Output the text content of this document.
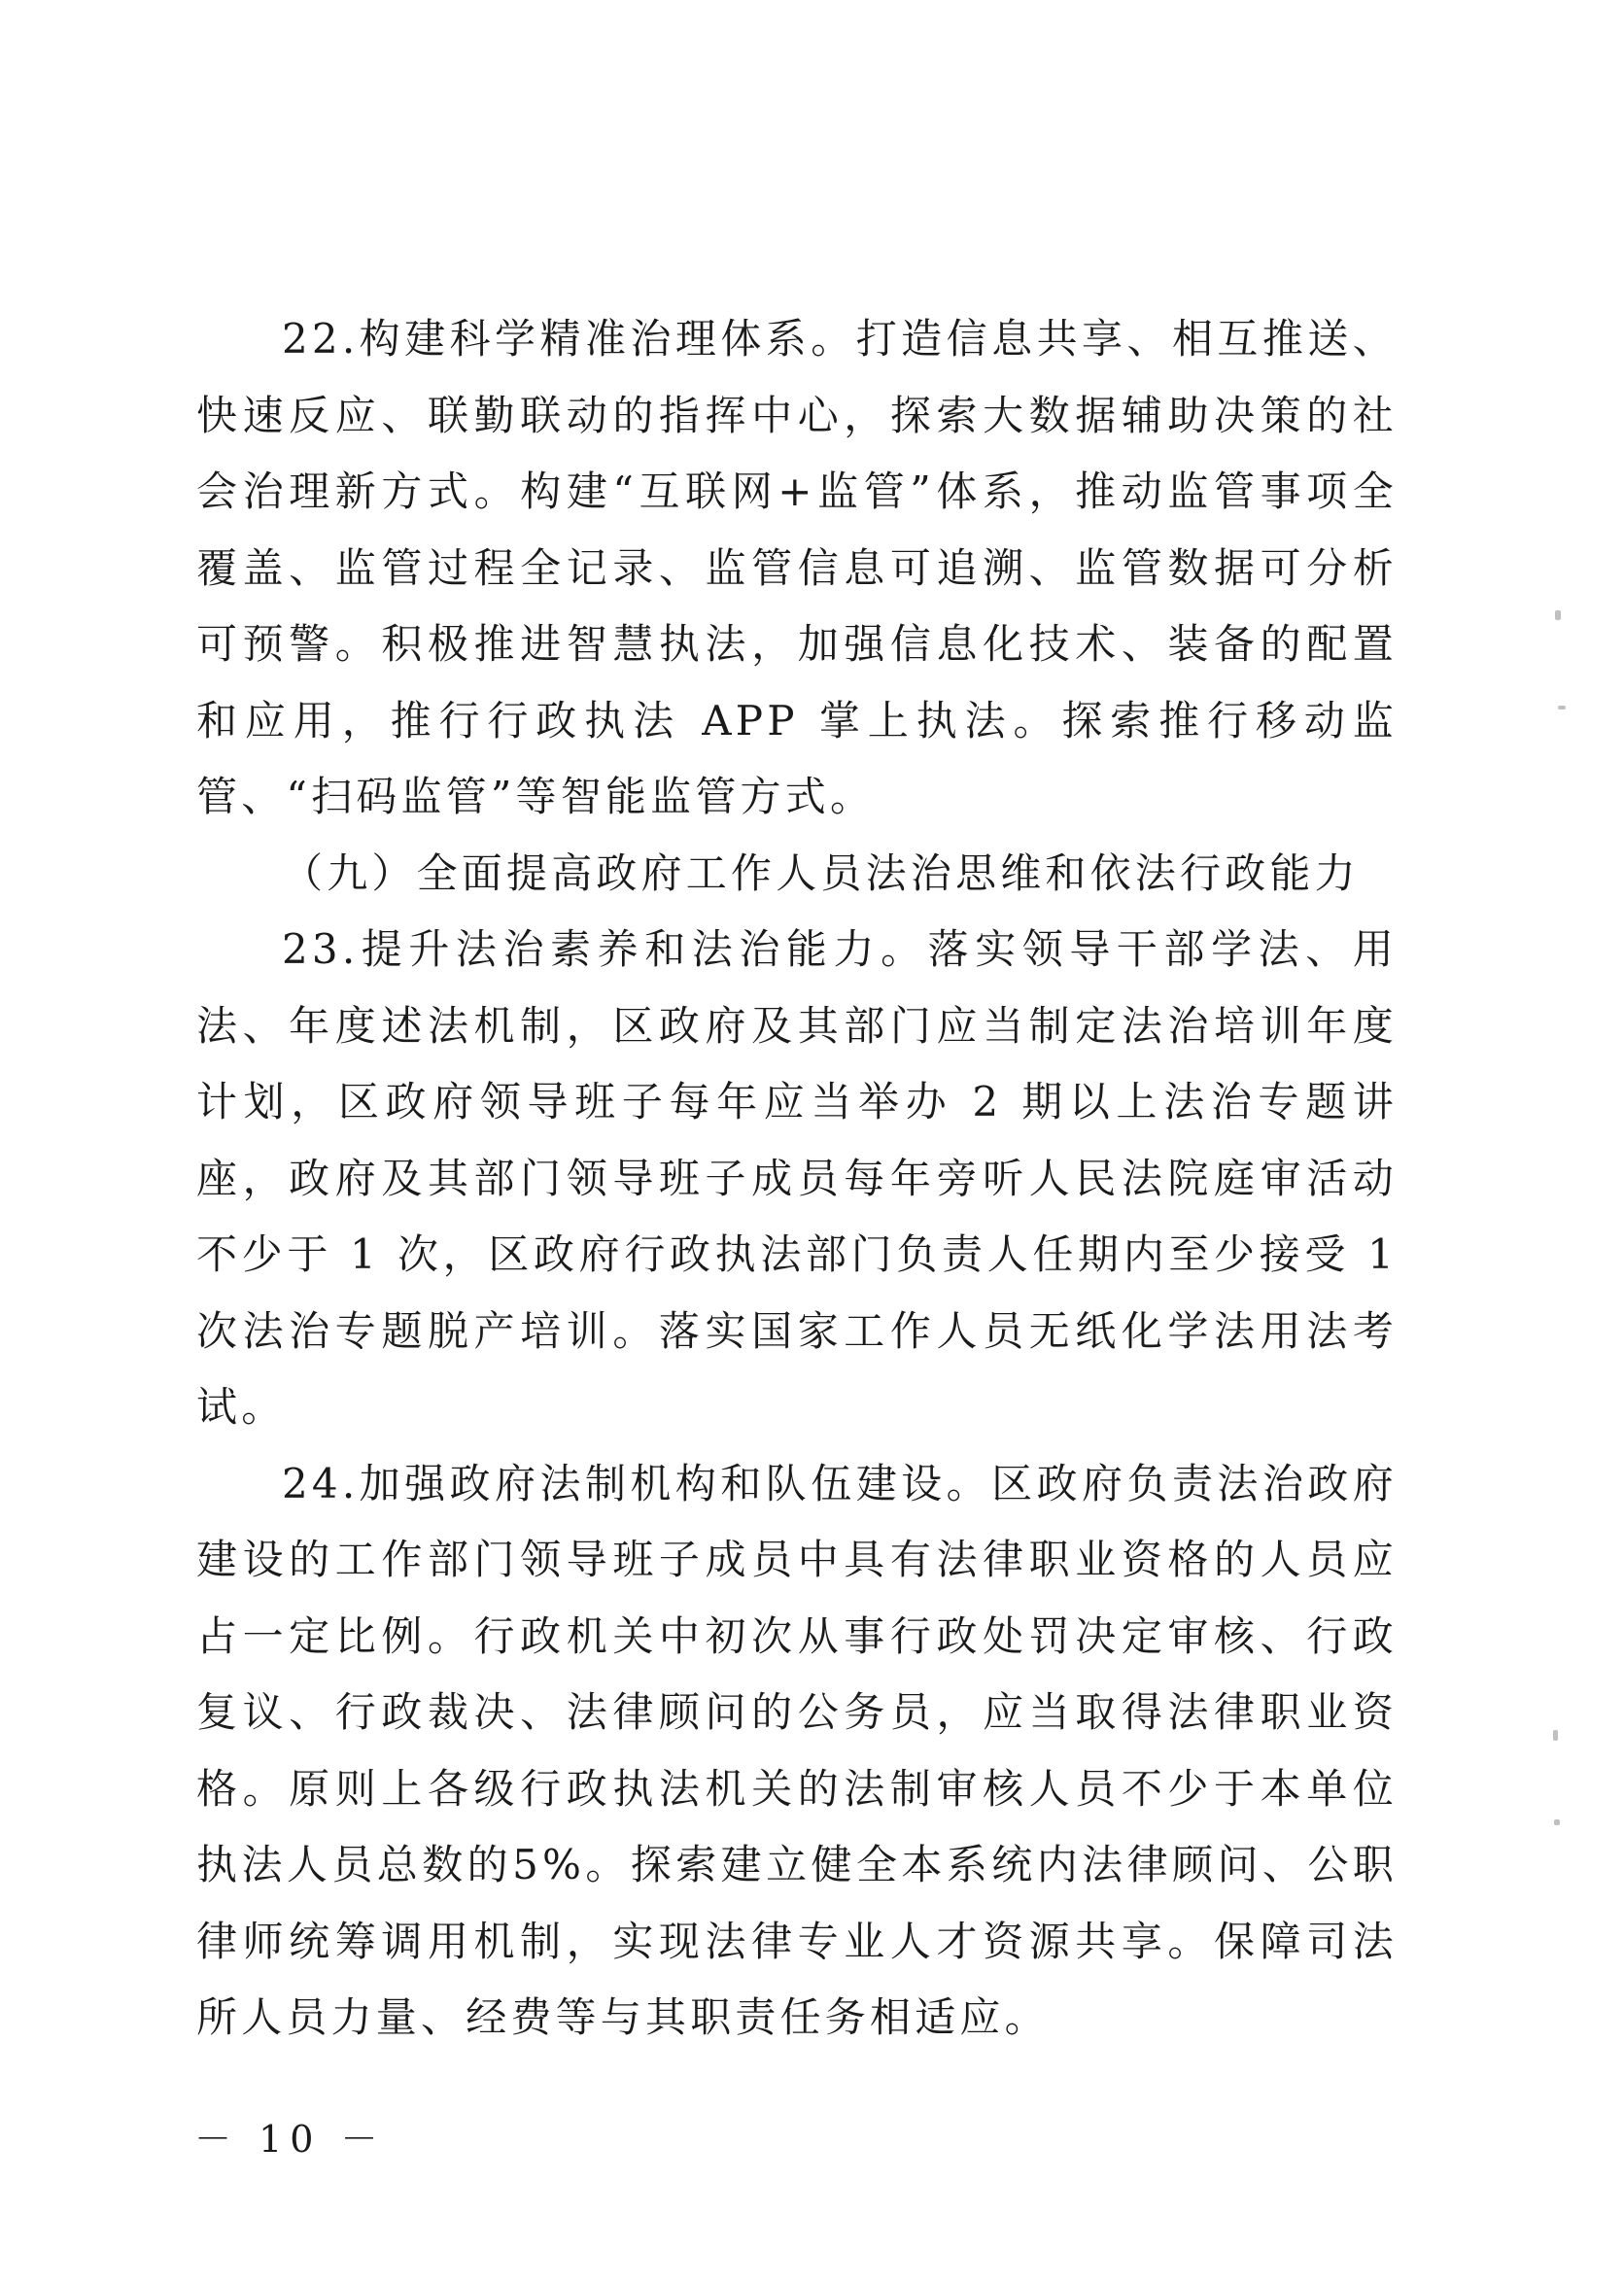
22.构建科学精准治理体系。打造信息共享、相互推送、快速反应、联勤联动的指挥中心，探索大数据辅助决策的社会治理新方式。构建“互联网+监管”体系，推动监管事项全覆盖、监管过程全记录、监管信息可追溯、监管数据可分析可预警。积极推进智慧执法，加强信息化技术、装备的配置和应用，推行行政执法 APP 掌上执法。探索推行移动监管、“扫码监管”等智能监管方式。

（九）全面提高政府工作人员法治思维和依法行政能力

23.提升法治素养和法治能力。落实领导干部学法、用法、年度述法机制，区政府及其部门应当制定法治培训年度计划，区政府领导班子每年应当举办 2 期以上法治专题讲座，政府及其部门领导班子成员每年旁听人民法院庭审活动不少于 1 次，区政府行政执法部门负责人任期内至少接受 1 次法治专题脱产培训。落实国家工作人员无纸化学法用法考试。

24.加强政府法制机构和队伍建设。区政府负责法治政府建设的工作部门领导班子成员中具有法律职业资格的人员应占一定比例。行政机关中初次从事行政处罚决定审核、行政复议、行政裁决、法律顾问的公务员，应当取得法律职业资格。原则上各级行政执法机关的法制审核人员不少于本单位执法人员总数的5%。探索建立健全本系统内法律顾问、公职律师统筹调用机制，实现法律专业人才资源共享。保障司法所人员力量、经费等与其职责任务相适应。

－ 10 －
